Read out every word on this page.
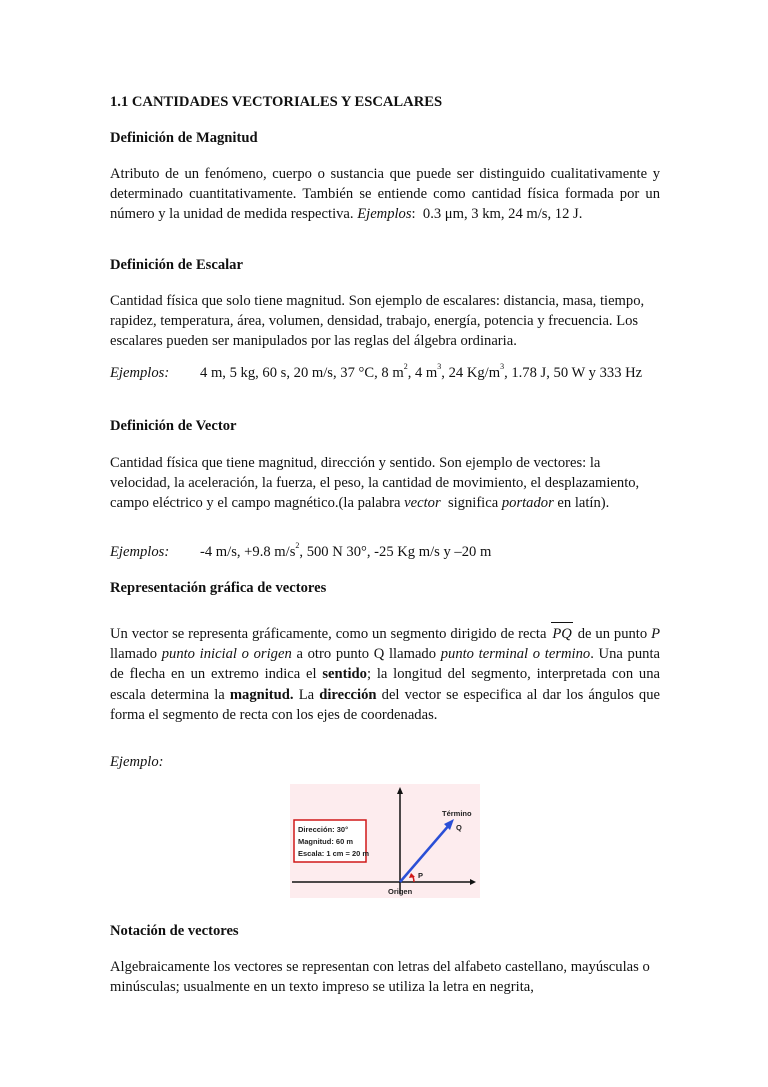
1.1 CANTIDADES VECTORIALES Y ESCALARES

Definición de Magnitud

Atributo de un fenómeno, cuerpo o sustancia que puede ser distinguido cualitativamente y determinado cuantitativamente. También se entiende como cantidad física formada por un número y la unidad de medida respectiva. Ejemplos:  0.3 μm, 3 km, 24 m/s, 12 J.

Definición de Escalar

Cantidad física que solo tiene magnitud. Son ejemplo de escalares: distancia, masa, tiempo, rapidez, temperatura, área, volumen, densidad, trabajo, energía, potencia y frecuencia. Los escalares pueden ser manipulados por las reglas del álgebra ordinaria.

Ejemplos: 4 m, 5 kg, 60 s, 20 m/s, 37 °C, 8 $m^2$, 4 $m^3$, 24 $Kg/m^3$, 1.78 J, 50 W y 333 Hz

Definición de Vector

Cantidad física que tiene magnitud, dirección y sentido. Son ejemplo de vectores: la velocidad, la aceleración, la fuerza, el peso, la cantidad de movimiento, el desplazamiento, campo eléctrico y el campo magnético.(la palabra vector significa portador en latín).

Ejemplos: -4 m/s, +9.8 $m/s^2$, 500 N 30°, -25 Kg m/s y –20 m

Representación gráfica de vectores

Un vector se representa gráficamente, como un segmento dirigido de recta PQ de un punto P llamado punto inicial o origen a otro punto Q llamado punto terminal o termino. Una punta de flecha en un extremo indica el sentido; la longitud del segmento, interpretada con una escala determina la magnitud. La dirección del vector se especifica al dar los ángulos que forma el segmento de recta con los ejes de coordenadas.

Ejemplo:

Dirección: 30°
Magnitud: 60 m
Escala: 1 cm = 20 m
Término
Q
P
Origen

Notación de vectores

Algebraicamente los vectores se representan con letras del alfabeto castellano, mayúsculas o minúsculas; usualmente en un texto impreso se utiliza la letra en negrita,
